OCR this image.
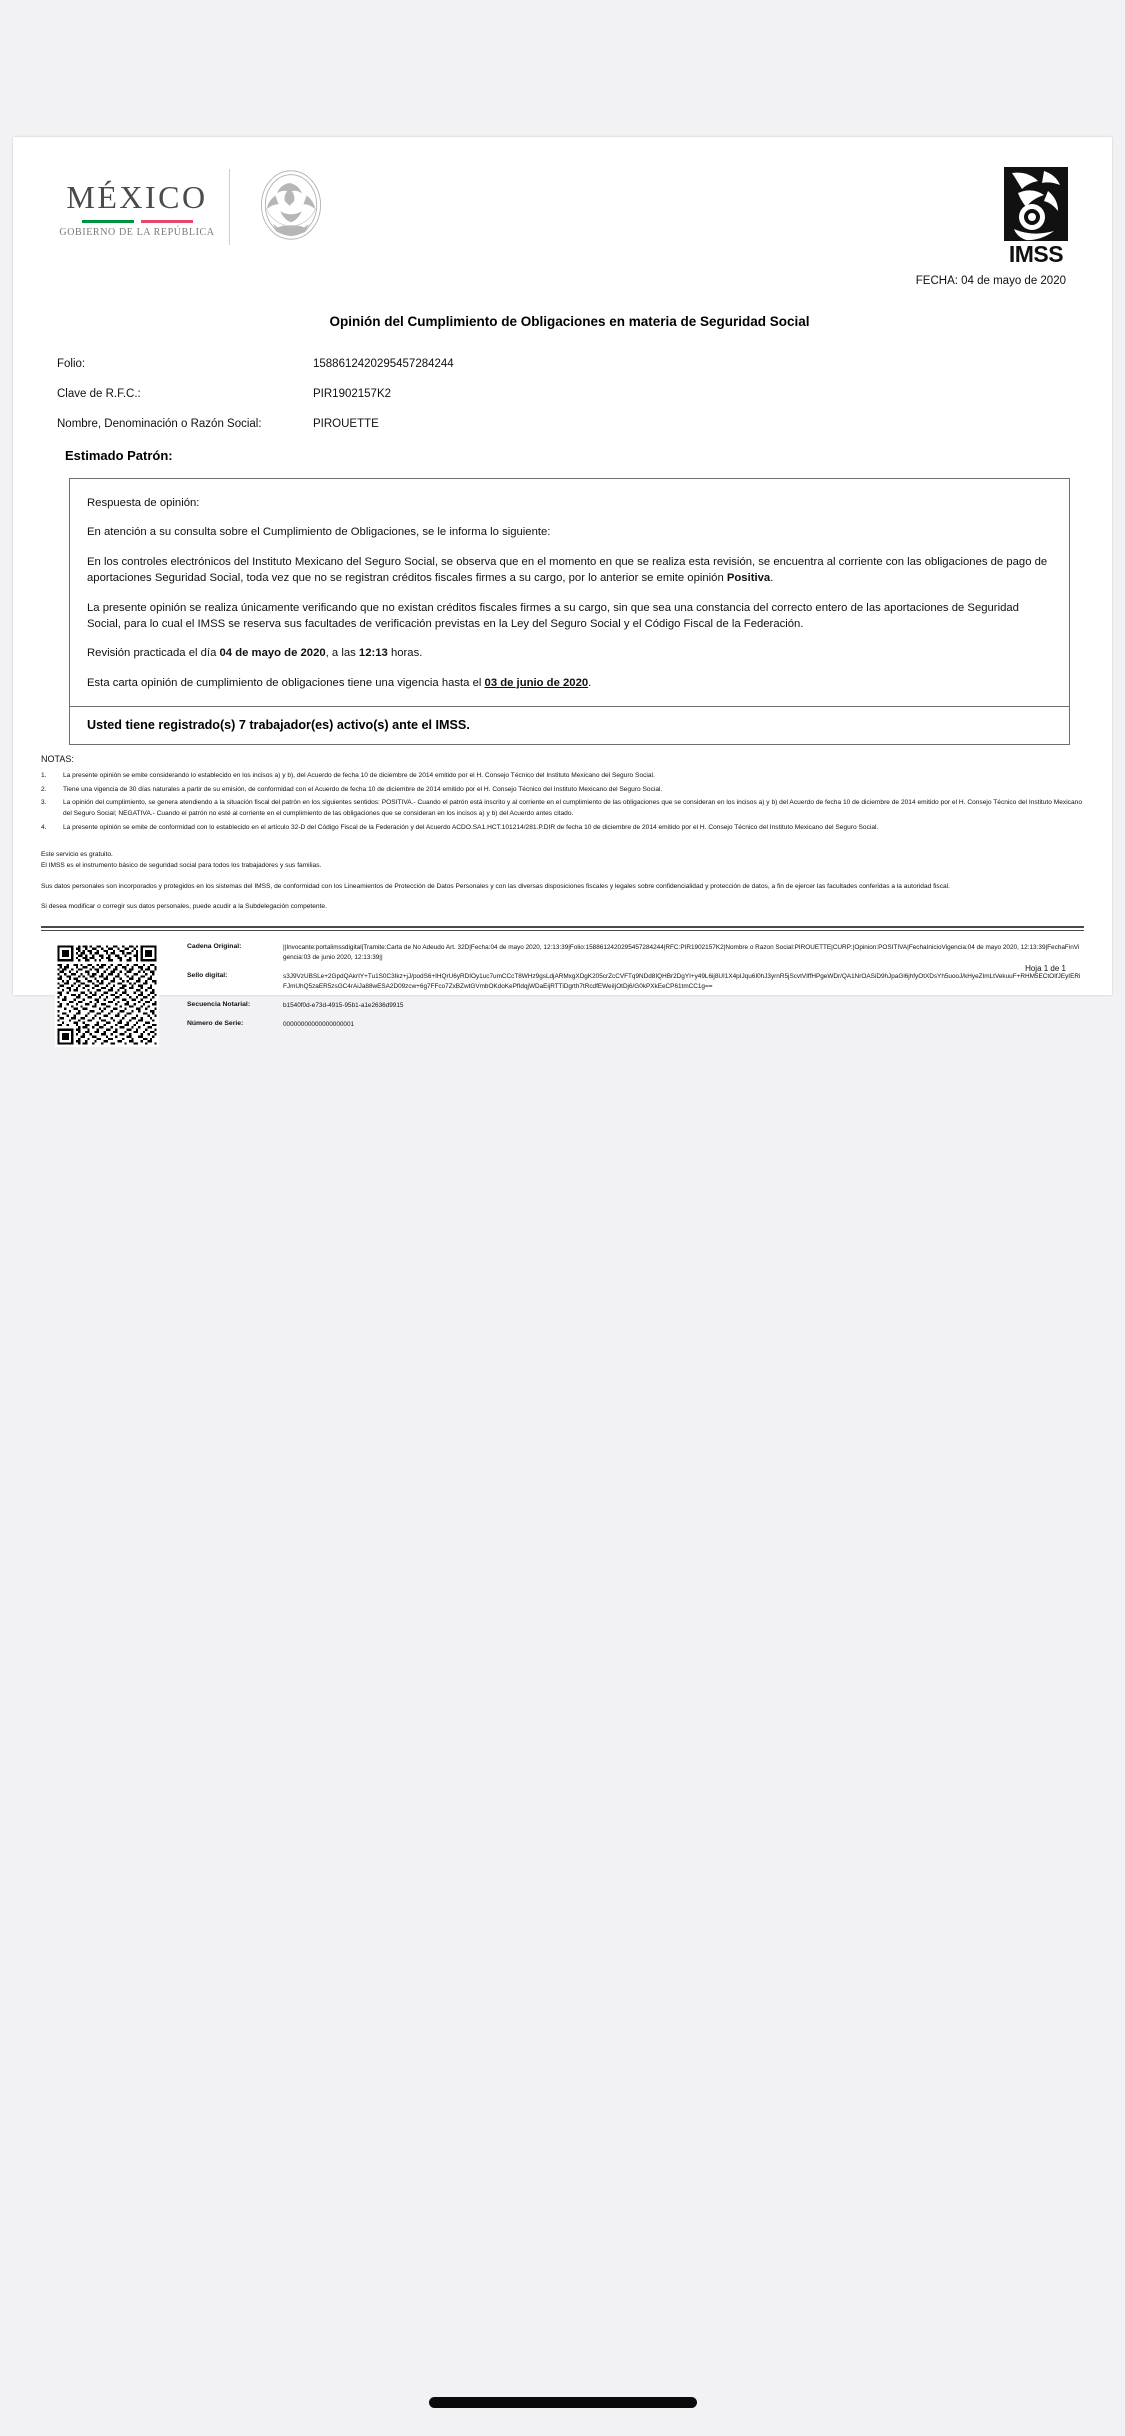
MÉXICO
GOBIERNO DE LA REPÚBLICA
IMSS
FECHA: 04 de mayo de 2020
Opinión del Cumplimiento de Obligaciones en materia de Seguridad Social
Folio:	1588612420295457284244
Clave de R.F.C.:	PIR1902157K2
Nombre, Denominación o Razón Social:	PIROUETTE
Estimado Patrón:

Respuesta de opinión:

En atención a su consulta sobre el Cumplimiento de Obligaciones, se le informa lo siguiente:

En los controles electrónicos del Instituto Mexicano del Seguro Social, se observa que en el momento en que se realiza esta revisión, se encuentra al corriente con las obligaciones de pago de aportaciones Seguridad Social, toda vez que no se registran créditos fiscales firmes a su cargo, por lo anterior se emite opinión Positiva.

La presente opinión se realiza únicamente verificando que no existan créditos fiscales firmes a su cargo, sin que sea una constancia del correcto entero de las aportaciones de Seguridad Social, para lo cual el IMSS se reserva sus facultades de verificación previstas en la Ley del Seguro Social y el Código Fiscal de la Federación.

Revisión practicada el día 04 de mayo de 2020, a las 12:13 horas.

Esta carta opinión de cumplimiento de obligaciones tiene una vigencia hasta el 03 de junio de 2020.

Usted tiene registrado(s) 7 trabajador(es) activo(s) ante el IMSS.
NOTAS:
1.	La presente opinión se emite considerando lo establecido en los incisos a) y b), del Acuerdo de fecha 10 de diciembre de 2014 emitido por el H. Consejo Técnico del Instituto Mexicano del Seguro Social.
2.	Tiene una vigencia de 30 días naturales a partir de su emisión, de conformidad con el Acuerdo de fecha 10 de diciembre de 2014 emitido por el H. Consejo Técnico del Instituto Mexicano del Seguro Social.
3.	La opinión del cumplimiento, se genera atendiendo a la situación fiscal del patrón en los siguientes sentidos: POSITIVA.- Cuando el patrón está inscrito y al corriente en el cumplimiento de las obligaciones que se consideran en los incisos a) y b) del Acuerdo de fecha 10 de diciembre de 2014 emitido por el H. Consejo Técnico del Instituto Mexicano del Seguro Social; NEGATIVA.- Cuando el patrón no esté al corriente en el cumplimiento de las obligaciones que se consideran en los incisos a) y b) del Acuerdo antes citado.
4.	La presente opinión se emite de conformidad con lo establecido en el artículo 32-D del Código Fiscal de la Federación y del Acuerdo ACDO.SA1.HCT.101214/281.P.DIR de fecha 10 de diciembre de 2014 emitido por el H. Consejo Técnico del Instituto Mexicano del Seguro Social.

Este servicio es gratuito.

El IMSS es el instrumento básico de seguridad social para todos los trabajadores y sus familias.

Sus datos personales son incorporados y protegidos en los sistemas del IMSS, de conformidad con los Lineamientos de Protección de Datos Personales y con las diversas disposiciones fiscales y legales sobre confidencialidad y protección de datos, a fin de ejercer las facultades conferidas a la autoridad fiscal.

Si desea modificar o corregir sus datos personales, puede acudir a la Subdelegación competente.

Cadena Original:	||Invocante:portalimssdigital|Tramite:Carta de No Adeudo Art. 32D|Fecha:04 de mayo 2020, 12:13:39|Folio:1588612420295457284244|RFC:PIR1902157K2|Nombre o Razon Social:PIROUETTE|CURP:|Opinion:POSITIVA|FechaInicioVigencia:04 de mayo 2020, 12:13:39|FechaFinVigencia:03 de junio 2020, 12:13:39||
Sello digital:	s3J9VzUBSLe+2GpdQAkrIY+Tu1S0C3Ikz+jJ/podS6+IHQrU6yRDIOy1uc7umCCcT8WHz9gsLdjARMxgXDgK205crZcCVFTq9NDd8IQHBr2DgYI+y49L6ij8UI1X4pIJqu6I0hJ3yrnR5jScvtVIffHPgeWDr/QA1NrOASiD9hJpaGl6jhfyOtXDsYh5uooJ/kHyeZImLtVekuuF+RHM5ECtOIfJEyIERiFJmUhQ5zaER5zsGC4rAiJa88wESA2D09zcw+6g7FFco7ZxBZwtGVmbOKdoKePfIdqjWDaEijRTTiDgrth7tRcdfEWeiIjOtDj6/G0kPXkEeCP61tmCC1g==
Secuencia Notarial:	b1540f0d-e73d-4915-95b1-a1e2636d9915
Número de Serie:	00000000000000000001
Hoja 1 de 1
